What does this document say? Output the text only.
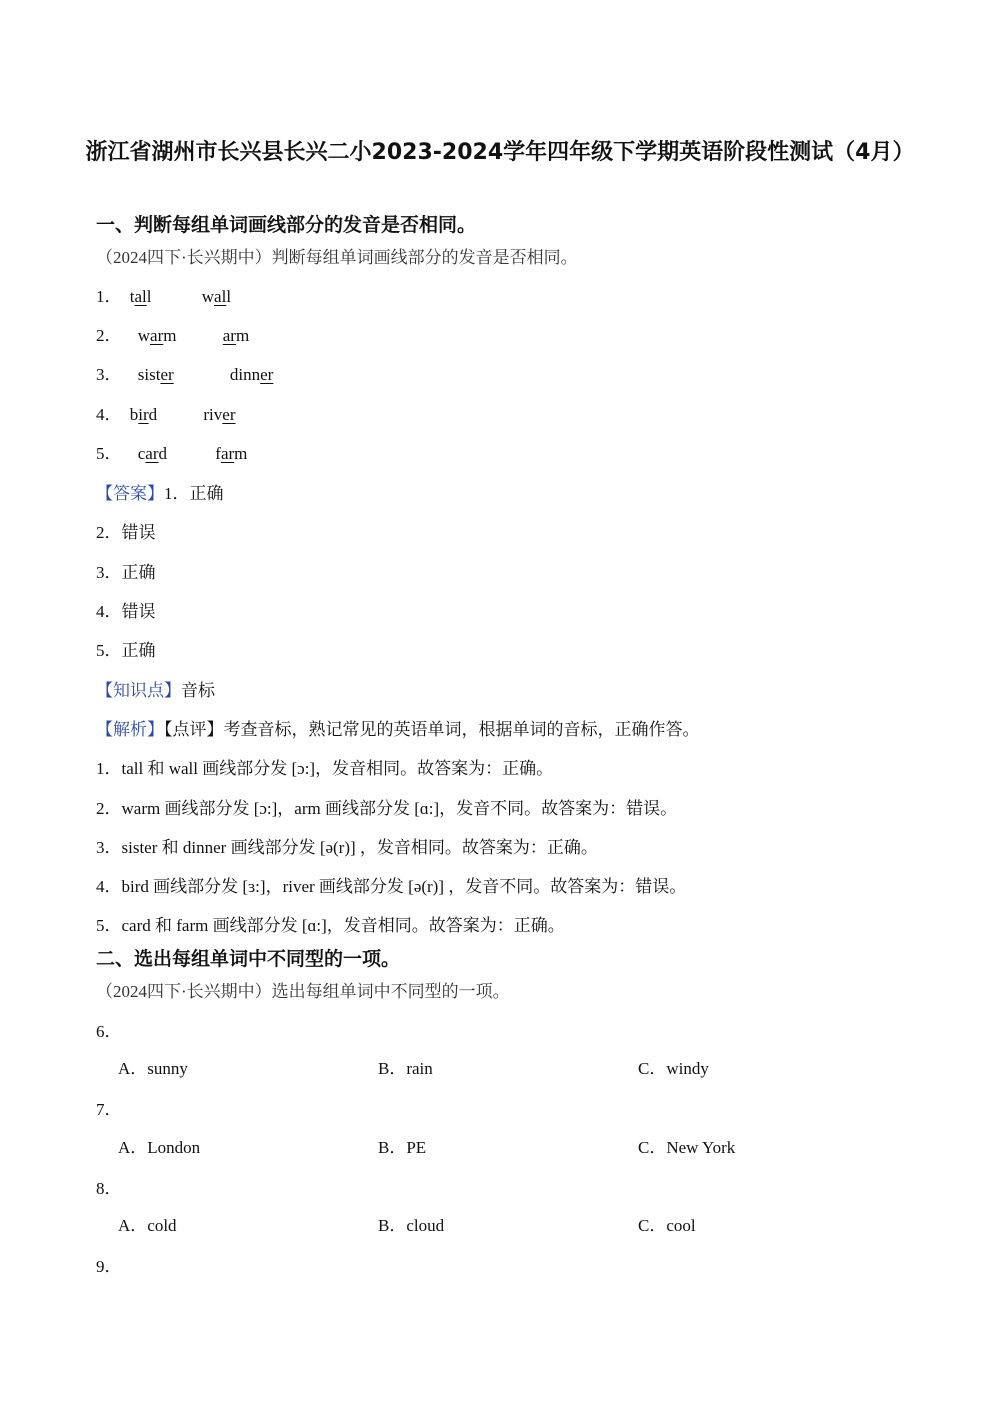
浙江省湖州市长兴县长兴二小2023-2024学年四年级下学期英语阶段性测试（4月）
一、判断每组单词画线部分的发音是否相同。
（2024四下·长兴期中）判断每组单词画线部分的发音是否相同。
1． tall	wall
2． warm	arm
3． sister	dinner
4． bird	river
5． card	farm
【答案】1．正确
2．错误
3．正确
4．错误
5．正确
【知识点】音标
【解析】【点评】考查音标，熟记常见的英语单词，根据单词的音标，正确作答。
1．tall 和 wall 画线部分发 [ɔ:]，发音相同。故答案为：正确。
2．warm 画线部分发 [ɔ:]，arm 画线部分发 [ɑ:]，发音不同。故答案为：错误。
3．sister 和 dinner 画线部分发 [ə(r)] ，发音相同。故答案为：正确。
4．bird 画线部分发 [ɜ:]，river 画线部分发 [ə(r)] ，发音不同。故答案为：错误。
5．card 和 farm 画线部分发 [ɑ:]，发音相同。故答案为：正确。
二、选出每组单词中不同型的一项。
（2024四下·长兴期中）选出每组单词中不同型的一项。
6．
A．sunny	B．rain	C．windy
7．
A．London	B．PE	C．New York
8．
A．cold	B．cloud	C．cool
9．
